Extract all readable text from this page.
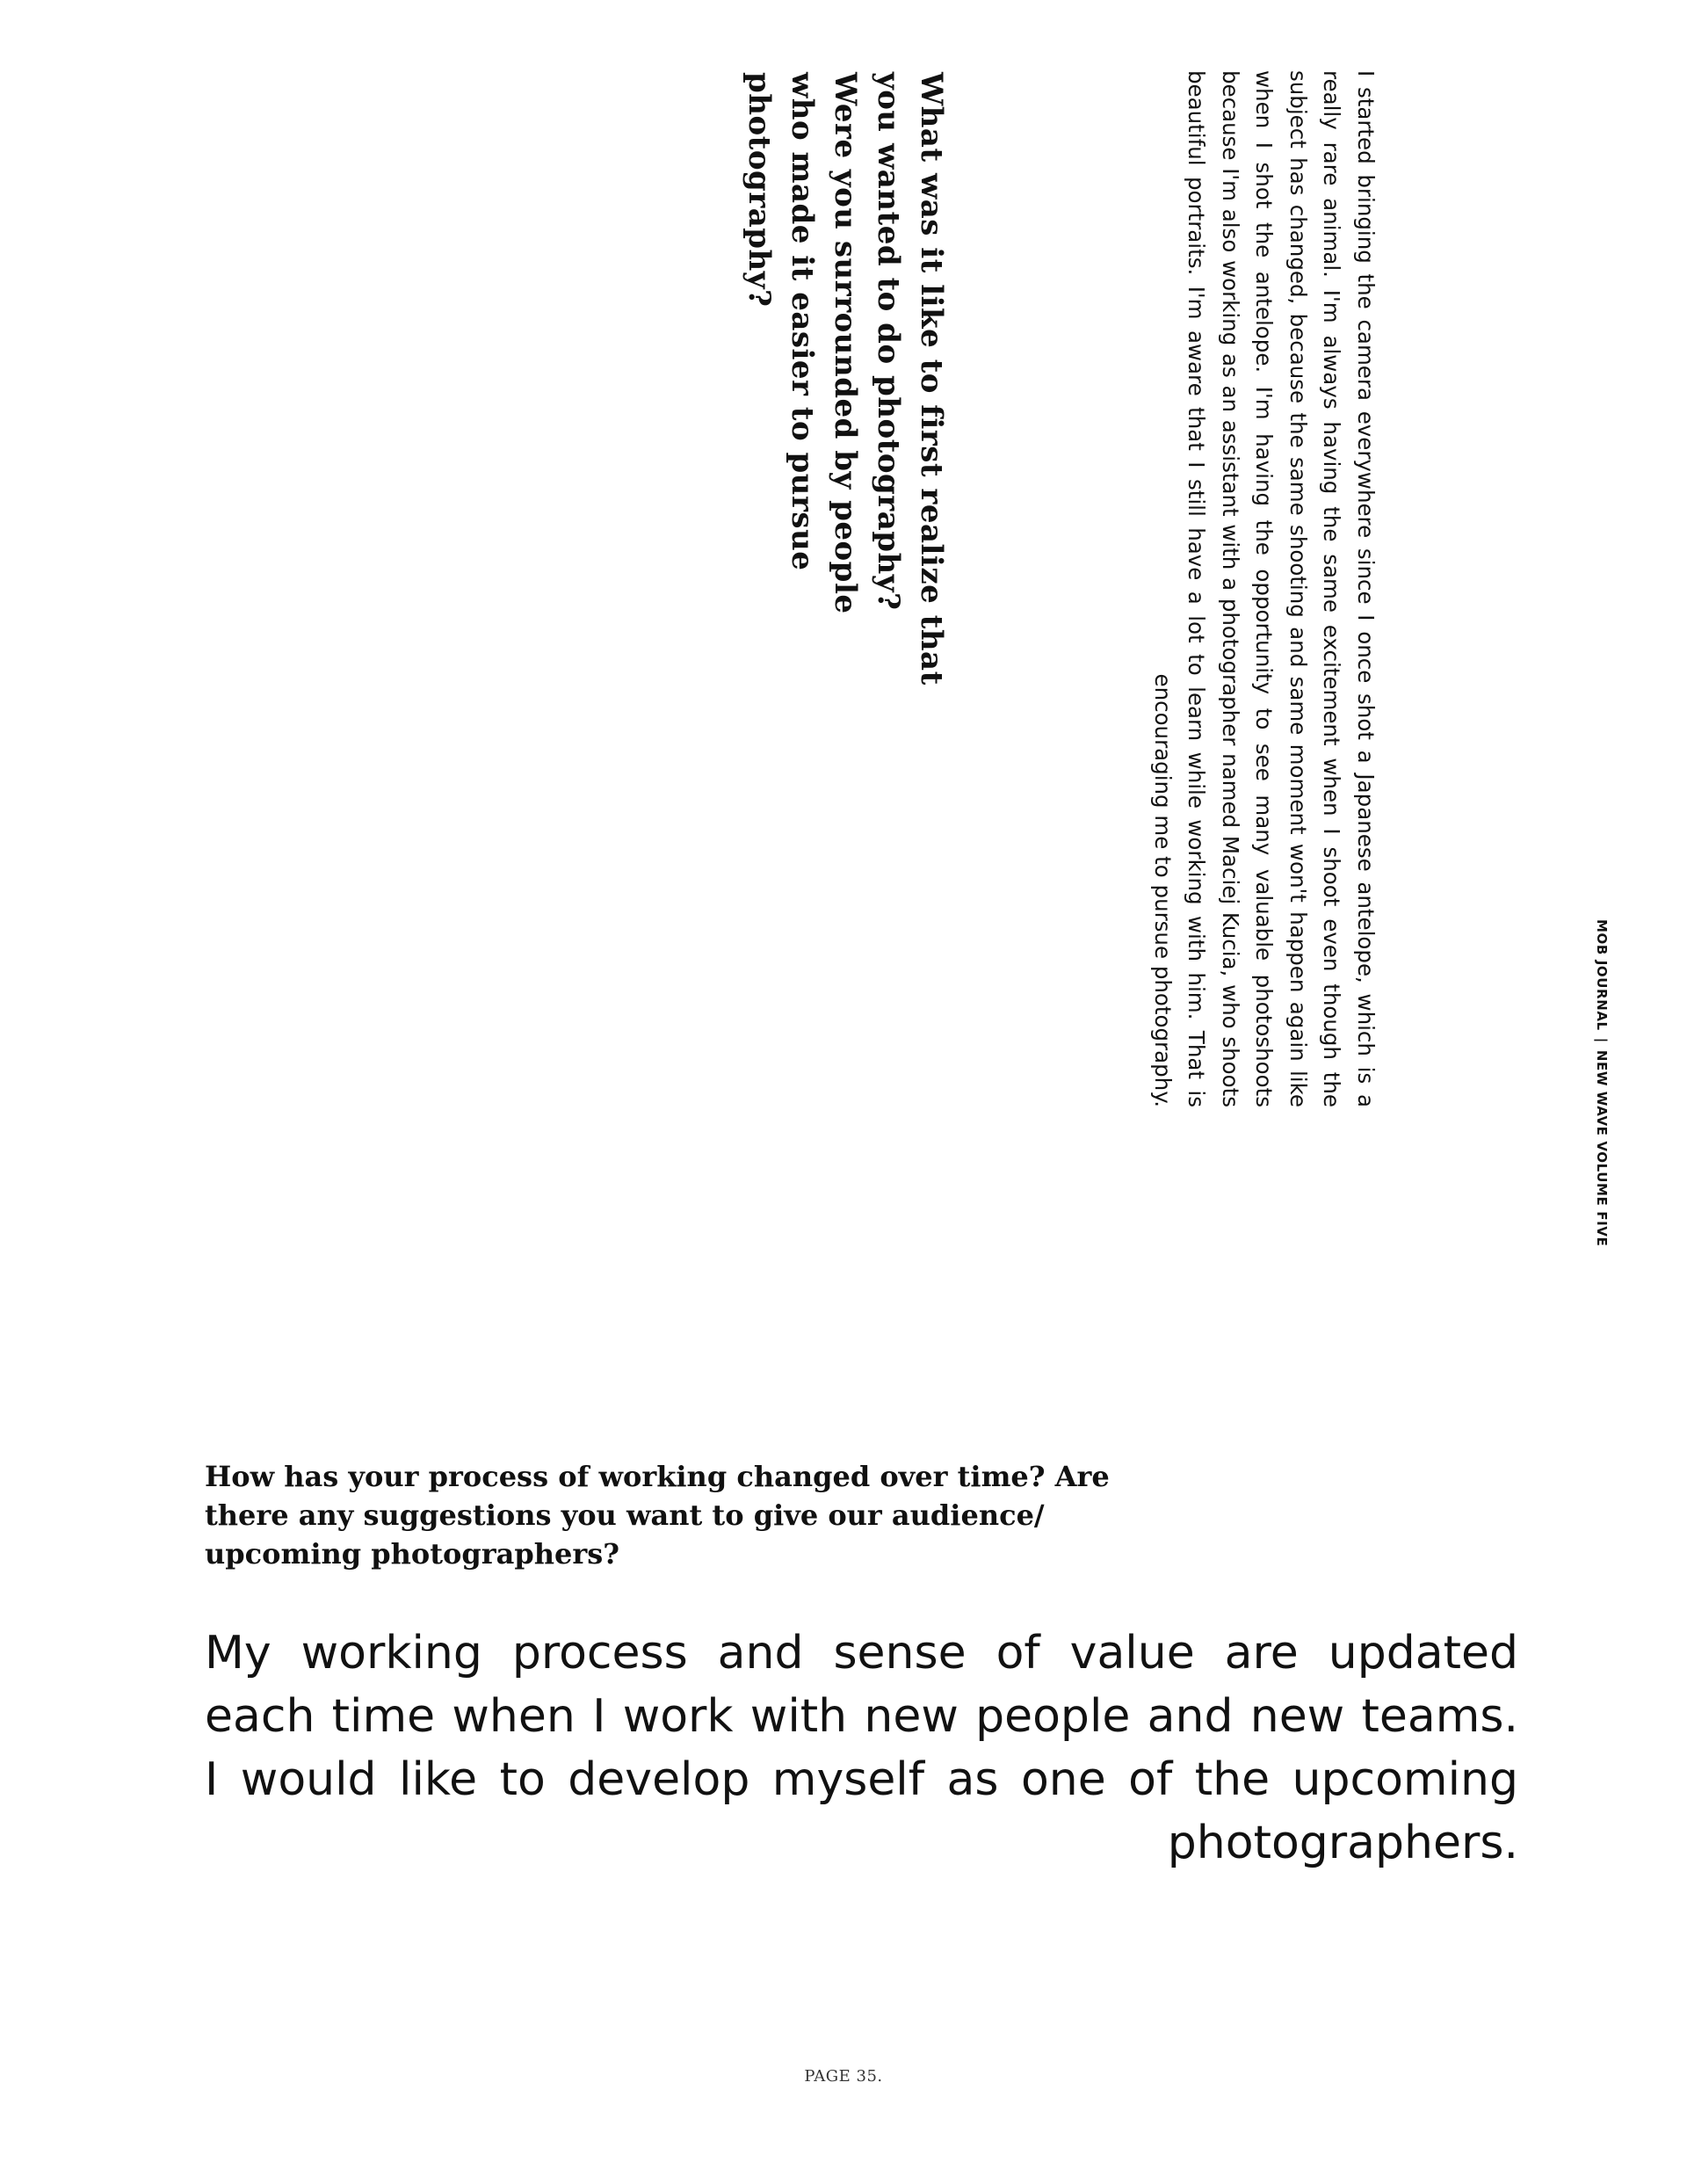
What was it like to first realize that you wanted to do photography? Were you surrounded by people who made it easier to pursue photography?	I started bringing the camera everywhere since I once shot a Japanese antelope, which is a really rare animal. I'm always having the same excitement when I shoot even though the subject has changed, because the same shooting and same moment won't happen again like when I shot the antelope. I'm having the opportunity to see many valuable photoshoots because I'm also working as an assistant with a photographer named Maciej Kucia, who shoots beautiful portraits. I'm aware that I still have a lot to learn while working with him. That is encouraging me to pursue photography.	MOB JOURNAL|NEW WAVE VOLUME FIVE
How has your process of working changed over time? Are there any suggestions you want to give our audience/ upcoming photographers?
My working process and sense of value are updated each time when I work with new people and new teams. I would like to develop myself as one of the upcoming photographers.
PAGE 35.
